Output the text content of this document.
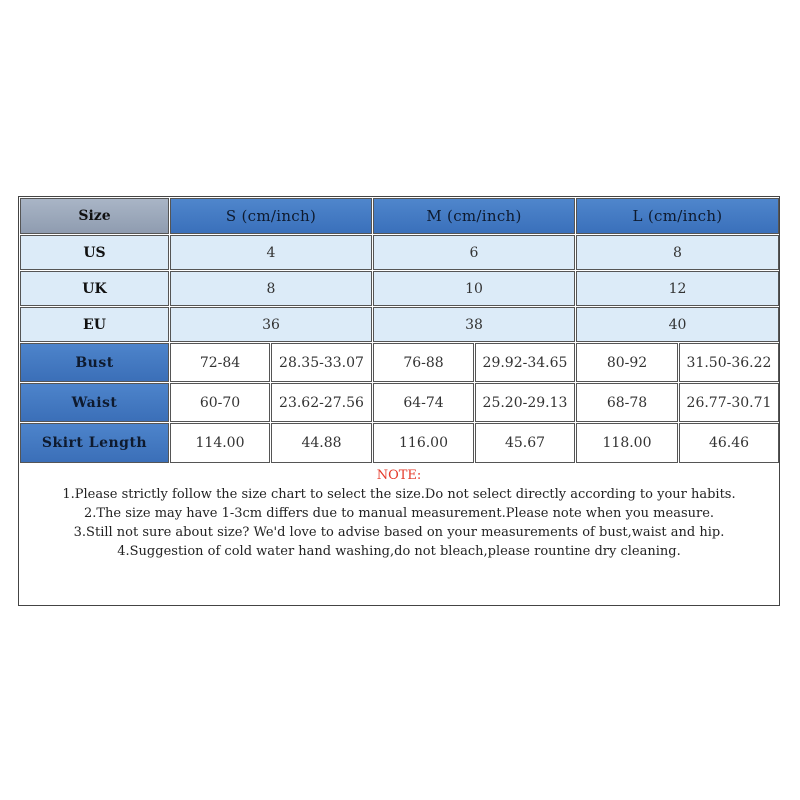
Size	S (cm/inch)	M (cm/inch)	L (cm/inch)
US	4	6	8
UK	8	10	12
EU	36	38	40
Bust	72-84	28.35-33.07	76-88	29.92-34.65	80-92	31.50-36.22
Waist	60-70	23.62-27.56	64-74	25.20-29.13	68-78	26.77-30.71
Skirt Length	114.00	44.88	116.00	45.67	118.00	46.46
NOTE:
1.Please strictly follow the size chart to select the size.Do not select directly according to your habits.
2.The size may have 1-3cm differs due to manual measurement.Please note when you measure.
3.Still not sure about size? We'd love to advise based on your measurements of bust,waist and hip.
4.Suggestion of cold water hand washing,do not bleach,please rountine dry cleaning.
